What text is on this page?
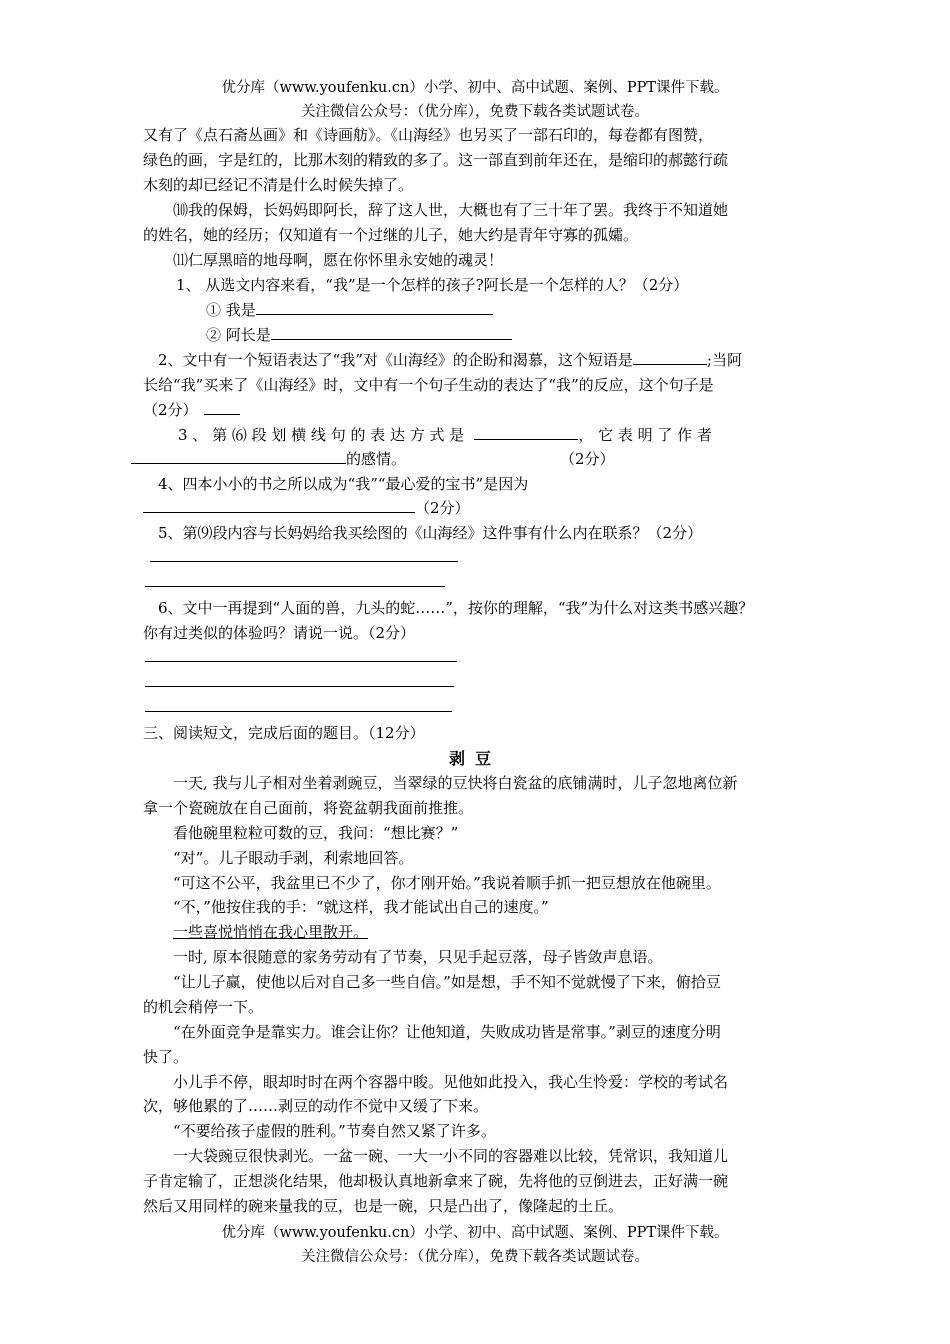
优分库（www.youfenku.cn）小学、初中、高中试题、案例、PPT课件下载。
关注微信公众号：（优分库），免费下载各类试题试卷。
又有了《点石斋丛画》和《诗画舫》。《山海经》也另买了一部石印的，每卷都有图赞，
绿色的画，字是红的，比那木刻的精致的多了。这一部直到前年还在，是缩印的郝懿行疏
木刻的却已经记不清是什么时候失掉了。
⑽我的保姆，长妈妈即阿长，辞了这人世，大概也有了三十年了罢。我终于不知道她
的姓名，她的经历；仅知道有一个过继的儿子，她大约是青年守寡的孤孀。
⑾仁厚黑暗的地母啊，愿在你怀里永安她的魂灵！
1、 从选文内容来看，“我”是一个怎样的孩子?阿长是一个怎样的人？（2分）
① 我是
② 阿长是
2、文中有一个短语表达了“我”对《山海经》的企盼和渴慕，这个短语是	;当阿
长给“我”买来了《山海经》时，文中有一个句子生动的表达了“我”的反应，这个句子是
（2分）
3 、 第 ⑹ 段 划 横 线 句 的 表 达 方 式 是	， 它 表 明 了 作 者
的感情。	（2分）
4、四本小小的书之所以成为“我”“最心爱的宝书”是因为
（2分）
5、第⑼段内容与长妈妈给我买绘图的《山海经》这件事有什么内在联系？（2分）
6、文中一再提到“人面的兽，九头的蛇……”，按你的理解，“我”为什么对这类书感兴趣？
你有过类似的体验吗？请说一说。（2分）
三、阅读短文，完成后面的题目。（12分）
剥豆
一天, 我与儿子相对坐着剥豌豆，当翠绿的豆快将白瓷盆的底铺满时，儿子忽地离位新
拿一个瓷碗放在自己面前，将瓷盆朝我面前推推。
看他碗里粒粒可数的豆，我问：“想比赛？”
“对”。儿子眼动手剥，利索地回答。
“可这不公平，我盆里已不少了，你才刚开始。”我说着顺手抓一把豆想放在他碗里。
“不，”他按住我的手：“就这样，我才能试出自己的速度。”
一些喜悦悄悄在我心里散开。
一时, 原本很随意的家务劳动有了节奏，只见手起豆落，母子皆敛声息语。
“让儿子赢，使他以后对自己多一些自信。”如是想，手不知不觉就慢了下来，俯拾豆
的机会稍停一下。
“在外面竞争是靠实力。谁会让你？让他知道，失败成功皆是常事。”剥豆的速度分明
快了。
小儿手不停，眼却时时在两个容器中睃。见他如此投入，我心生怜爱：学校的考试名
次，够他累的了……剥豆的动作不觉中又缓了下来。
“不要给孩子虚假的胜利。”节奏自然又紧了许多。
一大袋豌豆很快剥光。一盆一碗、一大一小不同的容器难以比较，凭常识，我知道儿
子肯定输了，正想淡化结果，他却极认真地新拿来了碗，先将他的豆倒进去，正好满一碗
然后又用同样的碗来量我的豆，也是一碗，只是凸出了，像隆起的土丘。
优分库（www.youfenku.cn）小学、初中、高中试题、案例、PPT课件下载。
关注微信公众号：（优分库），免费下载各类试题试卷。
